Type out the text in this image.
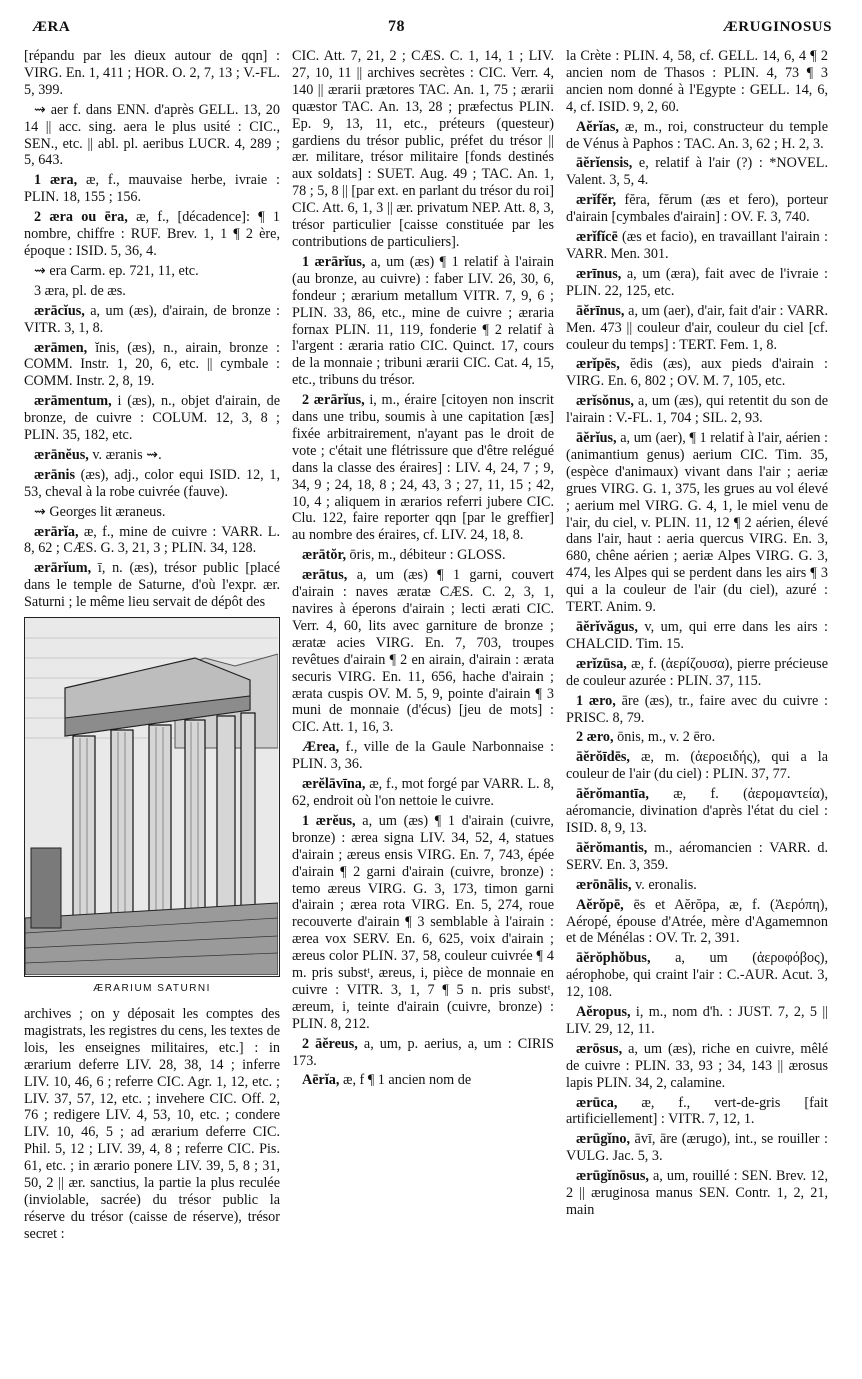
ÆRA	78	ÆRUGINOSUS

[répandu par les dieux autour de qqn] : VIRG. En. 1, 411 ; HOR. O. 2, 7, 13 ; V.-FL. 5, 399.

⇝ aer f. dans ENN. d'après GELL. 13, 20 14 || acc. sing. aera le plus usité : CIC., SEN., etc. || abl. pl. aeribus LUCR. 4, 289 ; 5, 643.

1 æra, æ, f., mauvaise herbe, ivraie : PLIN. 18, 155 ; 156.

2 æra ou ēra, æ, f., [décadence]: ¶ 1 nombre, chiffre : RUF. Brev. 1, 1 ¶ 2 ère, époque : ISID. 5, 36, 4.

⇝ era Carm. ep. 721, 11, etc.

3 æra, pl. de æs.

ærācĭus, a, um (æs), d'airain, de bronze : VITR. 3, 1, 8.

ærāmen, ĭnis, (æs), n., airain, bronze : COMM. Instr. 1, 20, 6, etc. || cymbale : COMM. Instr. 2, 8, 19.

ærāmentum, i (æs), n., objet d'airain, de bronze, de cuivre : COLUM. 12, 3, 8 ; PLIN. 35, 182, etc.

ærānĕus, v. æranis ⇝.

ærānis (æs), adj., color equi ISID. 12, 1, 53, cheval à la robe cuivrée (fauve).

⇝ Georges lit æraneus.

ærārĭa, æ, f., mine de cuivre : VARR. L. 8, 62 ; CÆS. G. 3, 21, 3 ; PLIN. 34, 128.

ærārĭum, ī, n. (æs), trésor public [placé dans le temple de Saturne, d'où l'expr. ær. Saturni ; le même lieu servait de dépôt des

ÆRARIUM SATURNI

archives ; on y déposait les comptes des magistrats, les registres du cens, les textes de lois, les enseignes militaires, etc.] : in ærarium deferre LIV. 28, 38, 14 ; inferre LIV. 10, 46, 6 ; referre CIC. Agr. 1, 12, etc. ; LIV. 37, 57, 12, etc. ; invehere CIC. Off. 2, 76 ; redigere LIV. 4, 53, 10, etc. ; condere LIV. 10, 46, 5 ; ad ærarium deferre CIC. Phil. 5, 12 ; LIV. 39, 4, 8 ; referre CIC. Pis. 61, etc. ; in ærario ponere LIV. 39, 5, 8 ; 31, 50, 2 || ær. sanctius, la partie la plus reculée (inviolable, sacrée) du trésor public la réserve du trésor (caisse de réserve), trésor secret :

CIC. Att. 7, 21, 2 ; CÆS. C. 1, 14, 1 ; LIV. 27, 10, 11 || archives secrètes : CIC. Verr. 4, 140 || ærarii prætores TAC. An. 1, 75 ; ærarii quæstor TAC. An. 13, 28 ; præfectus PLIN. Ep. 9, 13, 11, etc., préteurs (questeur) gardiens du trésor public, préfet du trésor || ær. militare, trésor militaire [fonds destinés aux soldats] : SUET. Aug. 49 ; TAC. An. 1, 78 ; 5, 8 || [par ext. en parlant du trésor du roi] CIC. Att. 6, 1, 3 || ær. privatum NEP. Att. 8, 3, trésor particulier [caisse constituée par les contributions de particuliers].

1 ærārĭus, a, um (æs) ¶ 1 relatif à l'airain (au bronze, au cuivre) : faber LIV. 26, 30, 6, fondeur ; ærarium metallum VITR. 7, 9, 6 ; PLIN. 33, 86, etc., mine de cuivre ; æraria fornax PLIN. 11, 119, fonderie ¶ 2 relatif à l'argent : æraria ratio CIC. Quinct. 17, cours de la monnaie ; tribuni ærarii CIC. Cat. 4, 15, etc., tribuns du trésor.

2 ærārĭus, i, m., éraire [citoyen non inscrit dans une tribu, soumis à une capitation [æs] fixée arbitrairement, n'ayant pas le droit de vote ; c'était une flétrissure que d'être relégué dans la classe des éraires] : LIV. 4, 24, 7 ; 9, 34, 9 ; 24, 18, 8 ; 24, 43, 3 ; 27, 11, 15 ; 42, 10, 4 ; aliquem in ærarios referri jubere CIC. Clu. 122, faire reporter qqn [par le greffier] au nombre des éraires, cf. LIV. 24, 18, 8.

ærātŏr, ōris, m., débiteur : GLOSS.

ærātus, a, um (æs) ¶ 1 garni, couvert d'airain : naves æratæ CÆS. C. 2, 3, 1, navires à éperons d'airain ; lecti ærati CIC. Verr. 4, 60, lits avec garniture de bronze ; æratæ acies VIRG. En. 7, 703, troupes revêtues d'airain ¶ 2 en airain, d'airain : ærata securis VIRG. En. 11, 656, hache d'airain ; ærata cuspis OV. M. 5, 9, pointe d'airain ¶ 3 muni de monnaie (d'écus) [jeu de mots] : CIC. Att. 1, 16, 3.

Ærea, f., ville de la Gaule Narbonnaise : PLIN. 3, 36.

ærĕlāvīna, æ, f., mot forgé par VARR. L. 8, 62, endroit où l'on nettoie le cuivre.

1 ærĕus, a, um (æs) ¶ 1 d'airain (cuivre, bronze) : ærea signa LIV. 34, 52, 4, statues d'airain ; æreus ensis VIRG. En. 7, 743, épée d'airain ¶ 2 garni d'airain (cuivre, bronze) : temo æreus VIRG. G. 3, 173, timon garni d'airain ; ærea rota VIRG. En. 5, 274, roue recouverte d'airain ¶ 3 semblable à l'airain : ærea vox SERV. En. 6, 625, voix d'airain ; æreus color PLIN. 37, 58, couleur cuivrée ¶ 4 m. pris substᵗ, æreus, i, pièce de monnaie en cuivre : VITR. 3, 1, 7 ¶ 5 n. pris substᵗ, æreum, i, teinte d'airain (cuivre, bronze) : PLIN. 8, 212.

2 āĕreus, a, um, p. aerius, a, um : CIRIS 173.

Aērĭa, æ, f ¶ 1 ancien nom de

la Crète : PLIN. 4, 58, cf. GELL. 14, 6, 4 ¶ 2 ancien nom de Thasos : PLIN. 4, 73 ¶ 3 ancien nom donné à l'Egypte : GELL. 14, 6, 4, cf. ISID. 9, 2, 60.

Aĕrĭas, æ, m., roi, constructeur du temple de Vénus à Paphos : TAC. An. 3, 62 ; H. 2, 3.

āĕrĭensis, e, relatif à l'air (?) : *NOVEL. Valent. 3, 5, 4.

ærĭfĕr, fĕra, fĕrum (æs et fero), porteur d'airain [cymbales d'airain] : OV. F. 3, 740.

ærĭfĭcē (æs et facio), en travaillant l'airain : VARR. Men. 301.

ærīnus, a, um (æra), fait avec de l'ivraie : PLIN. 22, 125, etc.

āĕrīnus, a, um (aer), d'air, fait d'air : VARR. Men. 473 || couleur d'air, couleur du ciel [cf. couleur du temps] : TERT. Fem. 1, 8.

ærĭpēs, ĕdis (æs), aux pieds d'airain : VIRG. En. 6, 802 ; OV. M. 7, 105, etc.

ærĭsŏnus, a, um (æs), qui retentit du son de l'airain : V.-FL. 1, 704 ; SIL. 2, 93.

āĕrĭus, a, um (aer), ¶ 1 relatif à l'air, aérien : (animantium genus) aerium CIC. Tim. 35, (espèce d'animaux) vivant dans l'air ; aeriæ grues VIRG. G. 1, 375, les grues au vol élevé ; aerium mel VIRG. G. 4, 1, le miel venu de l'air, du ciel, v. PLIN. 11, 12 ¶ 2 aérien, élevé dans l'air, haut : aeria quercus VIRG. En. 3, 680, chêne aérien ; aeriæ Alpes VIRG. G. 3, 474, les Alpes qui se perdent dans les airs ¶ 3 qui a la couleur de l'air (du ciel), azuré : TERT. Anim. 9.

āĕrĭvăgus, v, um, qui erre dans les airs : CHALCID. Tim. 15.

ærĭzūsa, æ, f. (ἀερίζουσα), pierre précieuse de couleur azurée : PLIN. 37, 115.

1 æro, āre (æs), tr., faire avec du cuivre : PRISC. 8, 79.

2 æro, ōnis, m., v. 2 ēro.

āĕrŏīdēs, æ, m. (ἀεροειδής), qui a la couleur de l'air (du ciel) : PLIN. 37, 77.

āĕrŏmantīa, æ, f. (ἀερομαντεία), aéromancie, divination d'après l'état du ciel : ISID. 8, 9, 13.

āĕrŏmantis, m., aéromancien : VARR. d. SERV. En. 3, 359.

ærōnālis, v. eronalis.

Aĕrŏpē, ēs et Aĕrŏpa, æ, f. (Ἀερόπη), Aéropé, épouse d'Atrée, mère d'Agamemnon et de Ménélas : OV. Tr. 2, 391.

āĕrŏphŏbus, a, um (ἀεροφόβος), aérophobe, qui craint l'air : C.-AUR. Acut. 3, 12, 108.

Aĕropus, i, m., nom d'h. : JUST. 7, 2, 5 || LIV. 29, 12, 11.

ærōsus, a, um (æs), riche en cuivre, mêlé de cuivre : PLIN. 33, 93 ; 34, 143 || ærosus lapis PLIN. 34, 2, calamine.

ærūca, æ, f., vert-de-gris [fait artificiellement] : VITR. 7, 12, 1.

ærūgĭno, āvī, āre (ærugo), int., se rouiller : VULG. Jac. 5, 3.

ærūgĭnōsus, a, um, rouillé : SEN. Brev. 12, 2 || æruginosa manus SEN. Contr. 1, 2, 21, main
